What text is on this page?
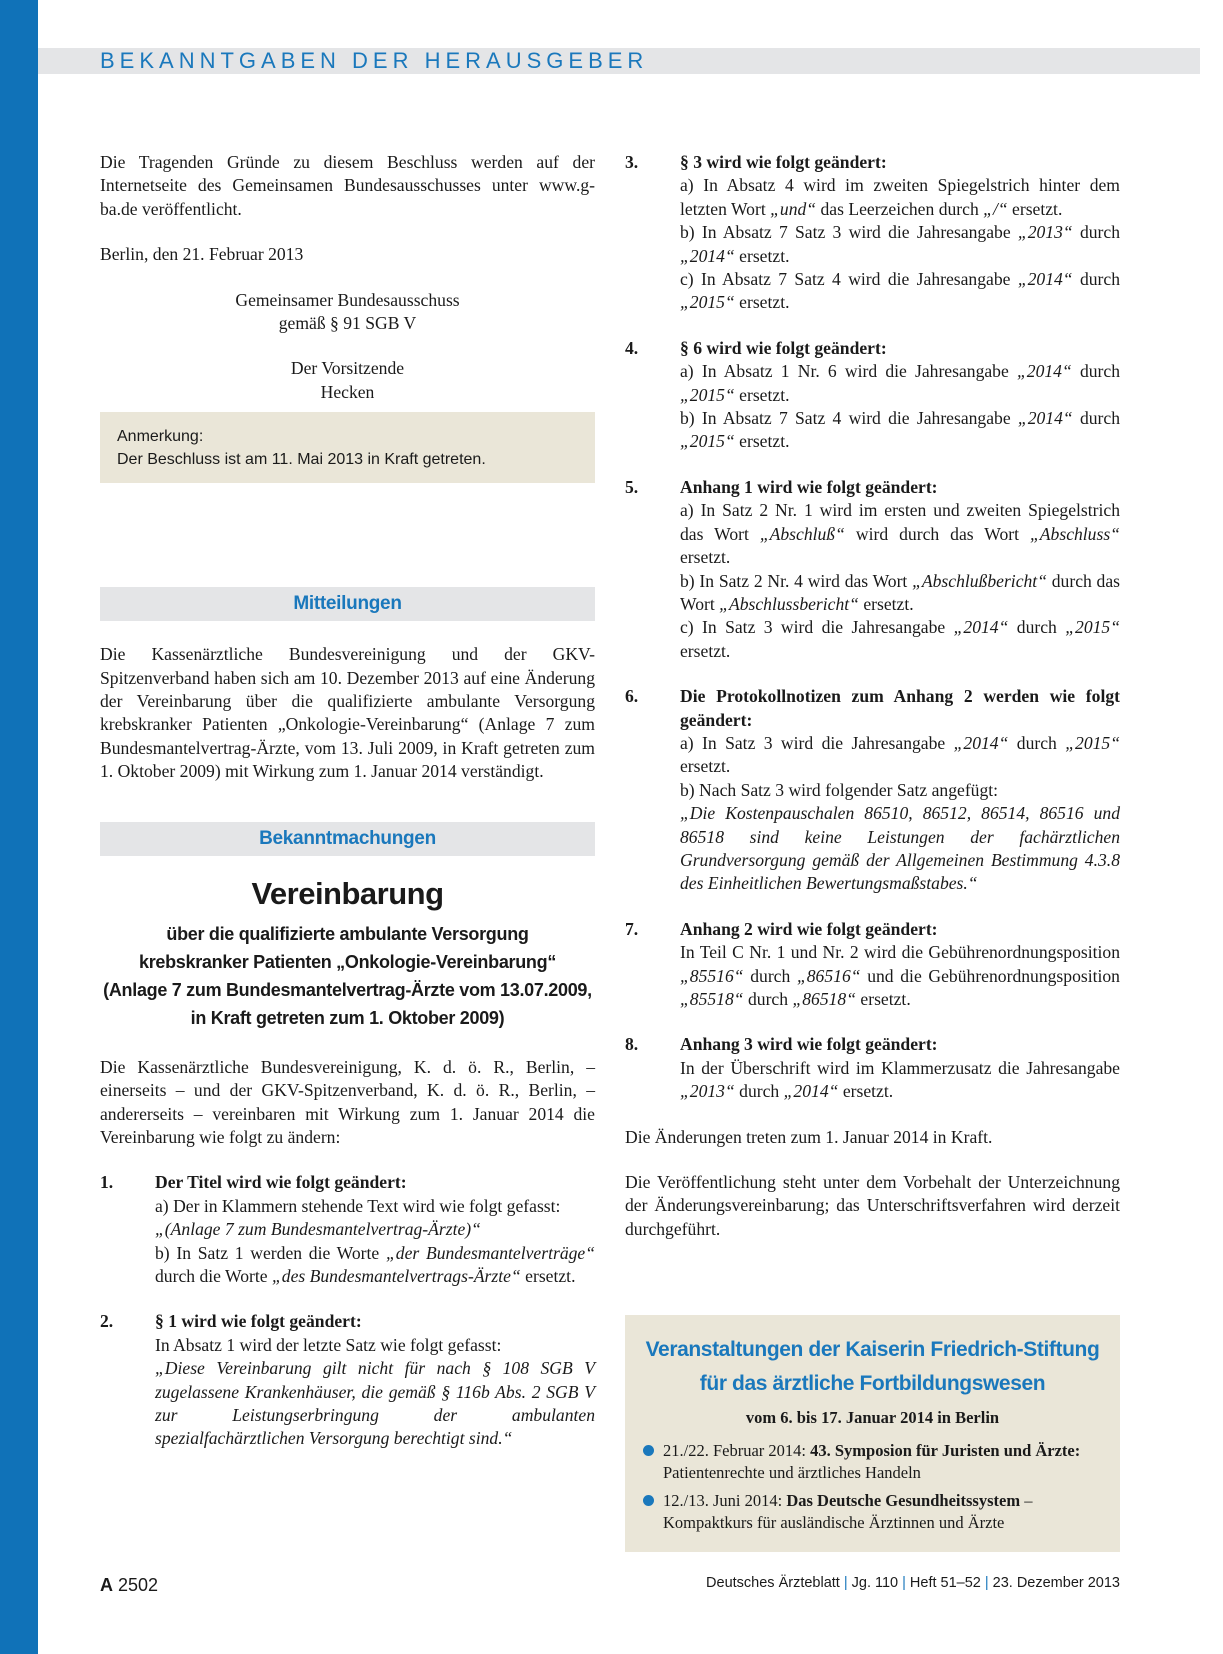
BEKANNTGABEN DER HERAUSGEBER

Die Tragenden Gründe zu diesem Beschluss werden auf der Internetseite des Gemeinsamen Bundesausschusses unter www.g-ba.de veröffentlicht.

Berlin, den 21. Februar 2013

Gemeinsamer Bundesausschuss

gemäß § 91 SGB V

Der Vorsitzende

Hecken

Anmerkung:
Der Beschluss ist am 11. Mai 2013 in Kraft getreten.
Mitteilungen

Die Kassenärztliche Bundesvereinigung und der GKV-Spitzenverband haben sich am 10. Dezember 2013 auf eine Änderung der Vereinbarung über die qualifizierte ambulante Versorgung krebskranker Patienten „Onkologie-Vereinbarung“ (Anlage 7 zum Bundesmantelvertrag-Ärzte, vom 13. Juli 2009, in Kraft getreten zum 1. Oktober 2009) mit Wirkung zum 1. Januar 2014 verständigt.

Bekanntmachungen
Vereinbarung
über die qualifizierte ambulante Versorgung
krebskranker Patienten „Onkologie-Vereinbarung“
(Anlage 7 zum Bundesmantelvertrag-Ärzte vom 13.07.2009,
in Kraft getreten zum 1. Oktober 2009)

Die Kassenärztliche Bundesvereinigung, K. d. ö. R., Berlin, – einerseits – und der GKV-Spitzenverband, K. d. ö. R., Berlin, – andererseits – vereinbaren mit Wirkung zum 1. Januar 2014 die Vereinbarung wie folgt zu ändern:

1.	Der Titel wird wie folgt geändert:
a) Der in Klammern stehende Text wird wie folgt gefasst:
„(Anlage 7 zum Bundesmantelvertrag-Ärzte)“
b) In Satz 1 werden die Worte „der Bundesmantelverträge“ durch die Worte „des Bundesmantelvertrags-Ärzte“ ersetzt.
2.	§ 1 wird wie folgt geändert:
In Absatz 1 wird der letzte Satz wie folgt gefasst:
„Diese Vereinbarung gilt nicht für nach § 108 SGB V zugelassene Krankenhäuser, die gemäß § 116b Abs. 2 SGB V zur Leistungserbringung der ambulanten spezialfachärztlichen Versorgung berechtigt sind.“
3.	§ 3 wird wie folgt geändert:
a) In Absatz 4 wird im zweiten Spiegelstrich hinter dem letzten Wort „und“ das Leerzeichen durch „/“ ersetzt.
b) In Absatz 7 Satz 3 wird die Jahresangabe „2013“ durch „2014“ ersetzt.
c) In Absatz 7 Satz 4 wird die Jahresangabe „2014“ durch „2015“ ersetzt.
4.	§ 6 wird wie folgt geändert:
a) In Absatz 1 Nr. 6 wird die Jahresangabe „2014“ durch „2015“ ersetzt.
b) In Absatz 7 Satz 4 wird die Jahresangabe „2014“ durch „2015“ ersetzt.
5.	Anhang 1 wird wie folgt geändert:
a) In Satz 2 Nr. 1 wird im ersten und zweiten Spiegelstrich das Wort „Abschluß“ wird durch das Wort „Abschluss“ ersetzt.
b) In Satz 2 Nr. 4 wird das Wort „Abschlußbericht“ durch das Wort „Abschlussbericht“ ersetzt.
c) In Satz 3 wird die Jahresangabe „2014“ durch „2015“ ersetzt.
6.	Die Protokollnotizen zum Anhang 2 werden wie folgt geändert:
a) In Satz 3 wird die Jahresangabe „2014“ durch „2015“ ersetzt.
b) Nach Satz 3 wird folgender Satz angefügt:
„Die Kostenpauschalen 86510, 86512, 86514, 86516 und 86518 sind keine Leistungen der fachärztlichen Grundversorgung gemäß der Allgemeinen Bestimmung 4.3.8 des Einheitlichen Bewertungsmaßstabes.“
7.	Anhang 2 wird wie folgt geändert:
In Teil C Nr. 1 und Nr. 2 wird die Gebührenordnungsposition „85516“ durch „86516“ und die Gebührenordnungsposition „85518“ durch „86518“ ersetzt.
8.	Anhang 3 wird wie folgt geändert:
In der Überschrift wird im Klammerzusatz die Jahresangabe „2013“ durch „2014“ ersetzt.

Die Änderungen treten zum 1. Januar 2014 in Kraft.

Die Veröffentlichung steht unter dem Vorbehalt der Unterzeichnung der Änderungsvereinbarung; das Unterschriftsverfahren wird derzeit durchgeführt.

Veranstaltungen der Kaiserin Friedrich-Stiftung
für das ärztliche Fortbildungswesen
vom 6. bis 17. Januar 2014 in Berlin
21./22. Februar 2014: 43. Symposion für Juristen und Ärzte: Patientenrechte und ärztliches Handeln
12./13. Juni 2014: Das Deutsche Gesundheitssystem – Kompaktkurs für ausländische Ärztinnen und Ärzte
A 2502	Deutsches Ärzteblatt | Jg. 110 | Heft 51–52 | 23. Dezember 2013
